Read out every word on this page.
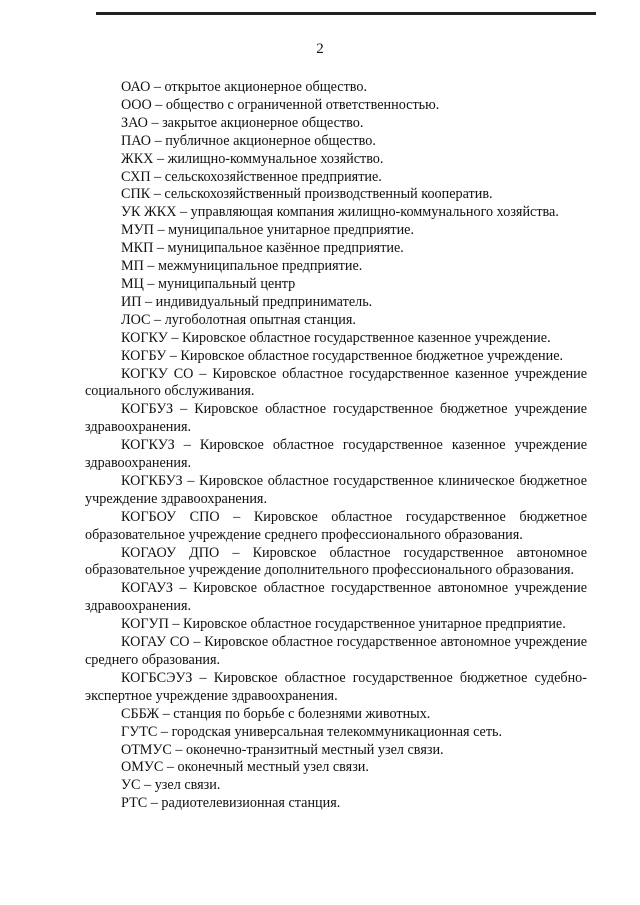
2

ОАО – открытое акционерное общество.

ООО – общество с ограниченной ответственностью.

ЗАО – закрытое акционерное общество.

ПАО – публичное акционерное общество.

ЖКХ – жилищно-коммунальное хозяйство.

СХП – сельскохозяйственное предприятие.

СПК – сельскохозяйственный производственный кооператив.

УК ЖКХ – управляющая компания жилищно-коммунального хозяйства.

МУП – муниципальное унитарное предприятие.

МКП – муниципальное казённое предприятие.

МП – межмуниципальное предприятие.

МЦ – муниципальный центр

ИП – индивидуальный предприниматель.

ЛОС – лугоболотная опытная станция.

КОГКУ – Кировское областное государственное казенное учреждение.

КОГБУ – Кировское областное государственное бюджетное учреждение.

КОГКУ СО – Кировское областное государственное казенное учреждение социального обслуживания.

КОГБУЗ – Кировское областное государственное бюджетное учреждение здравоохранения.

КОГКУЗ – Кировское областное государственное казенное учреждение здравоохранения.

КОГКБУЗ – Кировское областное государственное клиническое бюджетное учреждение здравоохранения.

КОГБОУ СПО – Кировское областное государственное бюджетное образовательное учреждение среднего профессионального образования.

КОГАОУ ДПО – Кировское областное государственное автономное образовательное учреждение дополнительного профессионального образования.

КОГАУЗ – Кировское областное государственное автономное учреждение здравоохранения.

КОГУП – Кировское областное государственное унитарное предприятие.

КОГАУ СО – Кировское областное государственное автономное учреждение среднего образования.

КОГБСЭУЗ – Кировское областное государственное бюджетное судебно-экспертное учреждение здравоохранения.

СББЖ – станция по борьбе с болезнями животных.

ГУТС – городская универсальная телекоммуникационная сеть.

ОТМУС – оконечно-транзитный местный узел связи.

ОМУС – оконечный местный узел связи.

УС – узел связи.

РТС – радиотелевизионная станция.
